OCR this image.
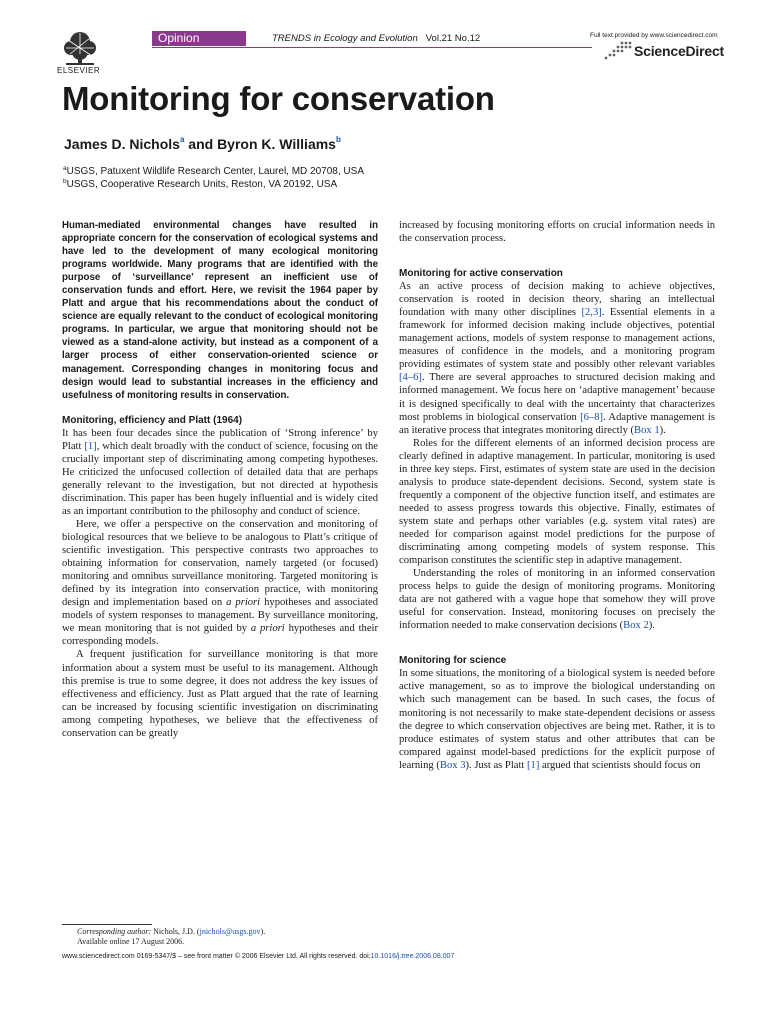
ELSEVIER
Opinion	TRENDS in Ecology and Evolution Vol.21 No.12	Full text provided by www.sciencedirect.com
ScienceDirect
Monitoring for conservation
James D. Nichols$^a$ and Byron K. Williams$^b$
$^a$USGS, Patuxent Wildlife Research Center, Laurel, MD 20708, USA
$^b$USGS, Cooperative Research Units, Reston, VA 20192, USA

Human-mediated environmental changes have resulted in appropriate concern for the conservation of ecological systems and have led to the development of many ecological monitoring programs worldwide. Many programs that are identified with the purpose of ‘surveillance’ represent an inefficient use of conservation funds and effort. Here, we revisit the 1964 paper by Platt and argue that his recommendations about the conduct of science are equally relevant to the conduct of ecological monitoring programs. In particular, we argue that monitoring should not be viewed as a stand-alone activity, but instead as a component of a larger process of either conservation-oriented science or management. Corresponding changes in monitoring focus and design would lead to substantial increases in the efficiency and usefulness of monitoring results in conservation.

Monitoring, efficiency and Platt (1964)

It has been four decades since the publication of ‘Strong inference’ by Platt [1], which dealt broadly with the conduct of science, focusing on the crucially important step of discriminating among competing hypotheses. He criticized the unfocused collection of detailed data that are perhaps generally relevant to the investigation, but not directed at hypothesis discrimination. This paper has been hugely influential and is widely cited as an important contribution to the philosophy and conduct of science.

Here, we offer a perspective on the conservation and monitoring of biological resources that we believe to be analogous to Platt’s critique of scientific investigation. This perspective contrasts two approaches to obtaining information for conservation, namely targeted (or focused) monitoring and omnibus surveillance monitoring. Targeted monitoring is defined by its integration into conservation practice, with monitoring design and implementation based on a priori hypotheses and associated models of system responses to management. By surveillance monitoring, we mean monitoring that is not guided by a priori hypotheses and their corresponding models.

A frequent justification for surveillance monitoring is that more information about a system must be useful to its management. Although this premise is true to some degree, it does not address the key issues of effectiveness and efficiency. Just as Platt argued that the rate of learning can be increased by focusing scientific investigation on discriminating among competing hypotheses, we believe that the effectiveness of conservation can be greatly

Corresponding author: Nichols, J.D. (jnichols@usgs.gov).
Available online 17 August 2006.

increased by focusing monitoring efforts on crucial information needs in the conservation process.

Monitoring for active conservation

As an active process of decision making to achieve objectives, conservation is rooted in decision theory, sharing an intellectual foundation with many other disciplines [2,3]. Essential elements in a framework for informed decision making include objectives, potential management actions, models of system response to management actions, measures of confidence in the models, and a monitoring program providing estimates of system state and possibly other relevant variables [4–6]. There are several approaches to structured decision making and informed management. We focus here on ‘adaptive management’ because it is designed specifically to deal with the uncertainty that characterizes most problems in biological conservation [6–8]. Adaptive management is an iterative process that integrates monitoring directly (Box 1).

Roles for the different elements of an informed decision process are clearly defined in adaptive management. In particular, monitoring is used in three key steps. First, estimates of system state are used in the decision analysis to produce state-dependent decisions. Second, system state is frequently a component of the objective function itself, and estimates are needed to assess progress towards this objective. Finally, estimates of system state and perhaps other variables (e.g. system vital rates) are needed for comparison against model predictions for the purpose of discriminating among competing models of system response. This comparison constitutes the scientific step in adaptive management.

Understanding the roles of monitoring in an informed conservation process helps to guide the design of monitoring programs. Monitoring data are not gathered with a vague hope that somehow they will prove useful for conservation. Instead, monitoring focuses on precisely the information needed to make conservation decisions (Box 2).

Monitoring for science

In some situations, the monitoring of a biological system is needed before active management, so as to improve the biological understanding on which such management can be based. In such cases, the focus of monitoring is not necessarily to make state-dependent decisions or assess the degree to which conservation objectives are being met. Rather, it is to produce estimates of system status and other attributes that can be compared against model-based predictions for the explicit purpose of learning (Box 3). Just as Platt [1] argued that scientists should focus on

www.sciencedirect.com 0169-5347/$ – see front matter © 2006 Elsevier Ltd. All rights reserved. doi:10.1016/j.tree.2006.08.007
